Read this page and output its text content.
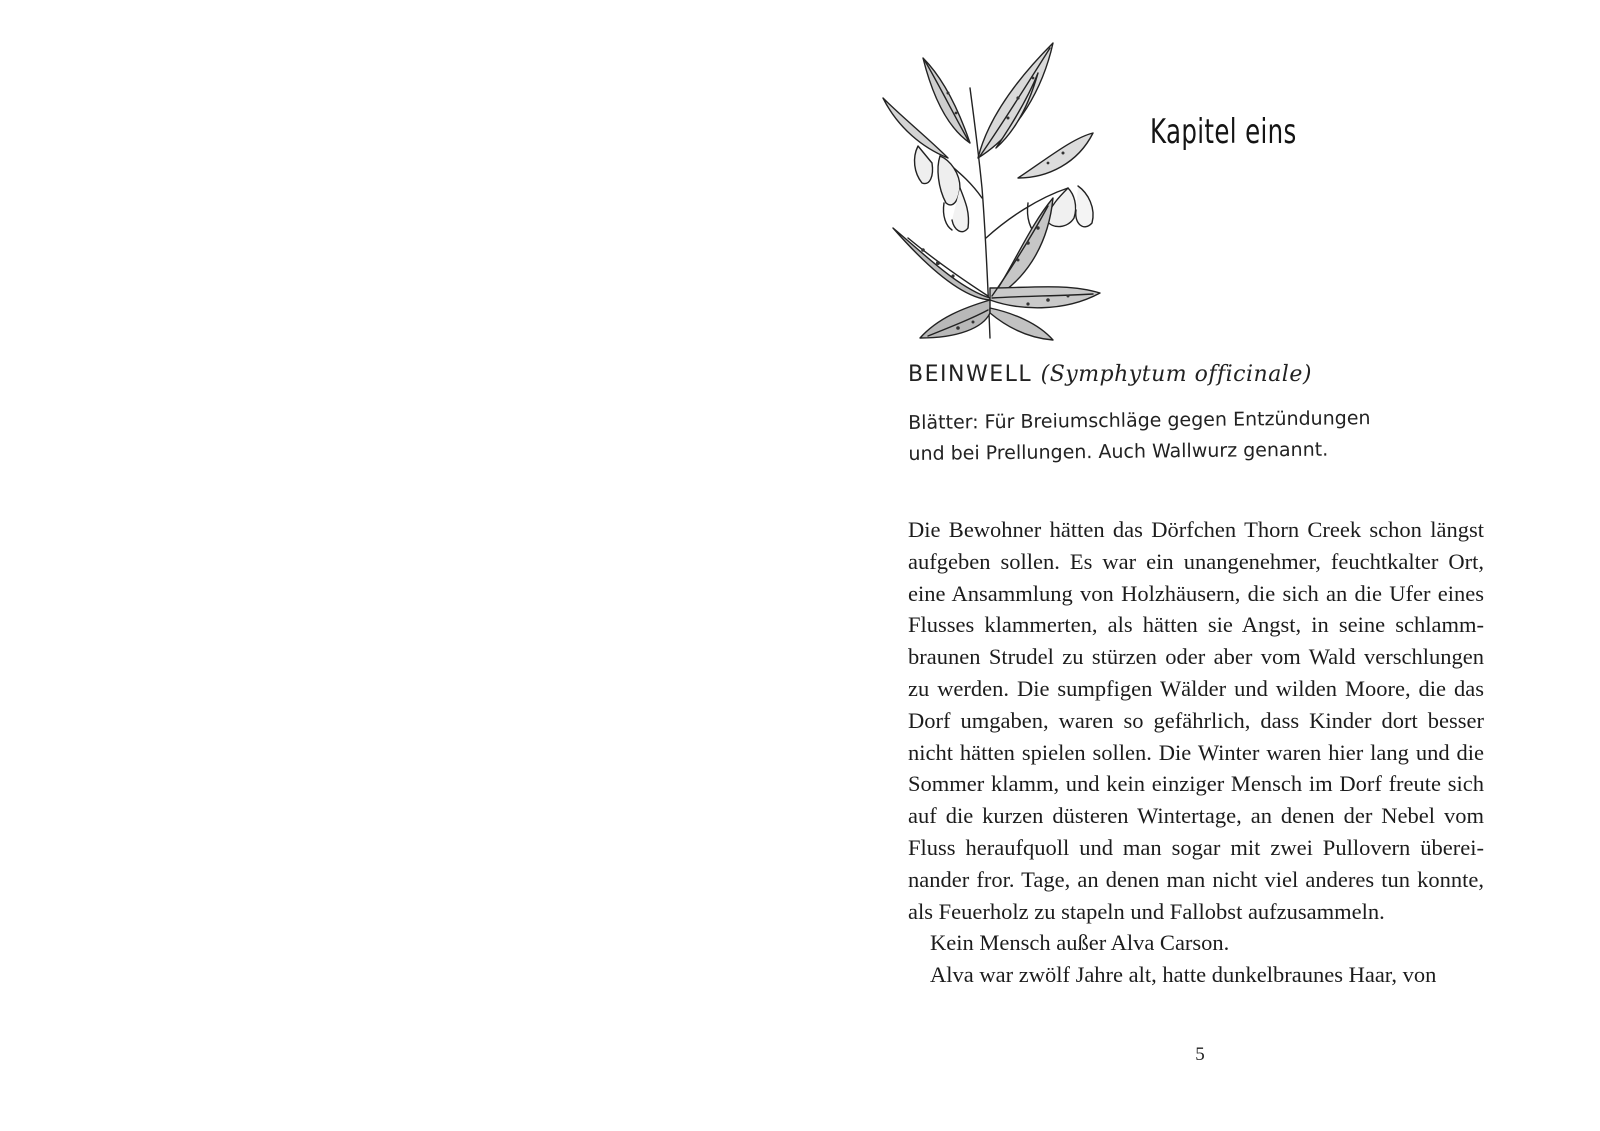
Kapitel eins
BEINWELL (Symphytum officinale)

Blätter: Für Breiumschläge gegen Entzündungen und bei Prellungen. Auch Wallwurz genannt.

Die Bewohner hätten das Dörfchen Thorn Creek schon längst aufgeben sollen. Es war ein unangenehmer, feuchtkalter Ort, eine Ansammlung von Holzhäusern, die sich an die Ufer eines Flusses klammerten, als hätten sie Angst, in seine schlammbraunen Strudel zu stürzen oder aber vom Wald verschlungen zu werden. Die sumpfigen Wälder und wilden Moore, die das Dorf umgaben, waren so gefährlich, dass Kinder dort besser nicht hätten spielen sollen. Die Winter waren hier lang und die Sommer klamm, und kein einziger Mensch im Dorf freute sich auf die kurzen düsteren Wintertage, an denen der Nebel vom Fluss heraufquoll und man sogar mit zwei Pullovern übereinander fror. Tage, an denen man nicht viel anderes tun konnte, als Feuerholz zu stapeln und Fallobst aufzusammeln.

Kein Mensch außer Alva Carson.

Alva war zwölf Jahre alt, hatte dunkelbraunes Haar, von

5
